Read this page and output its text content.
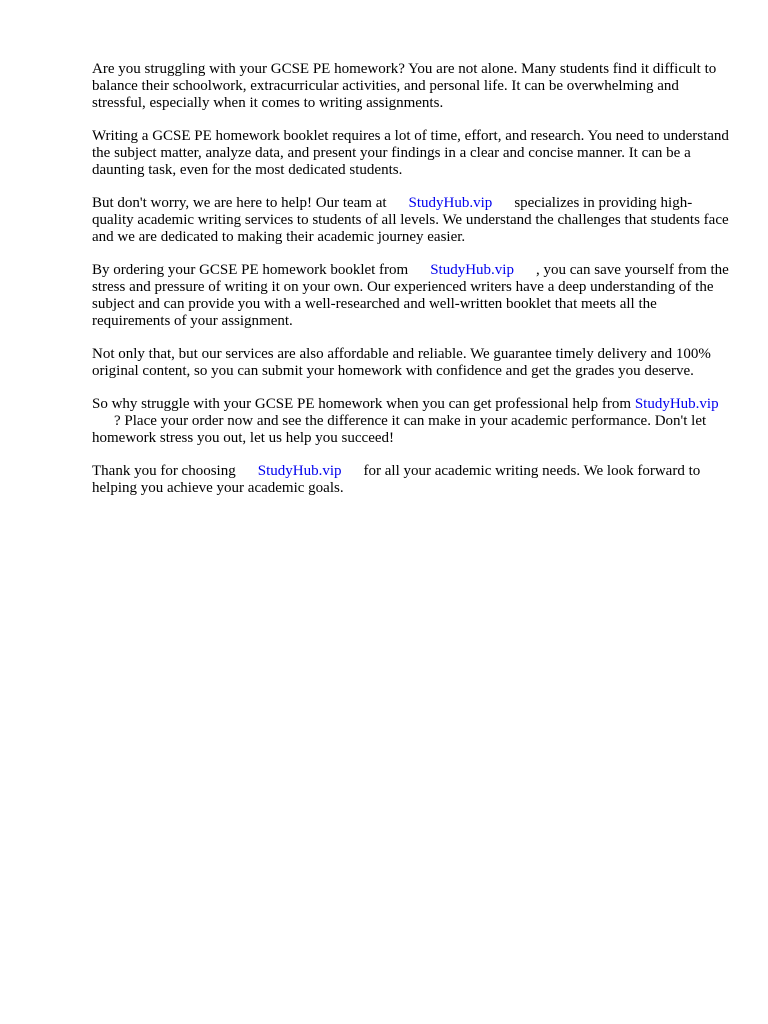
Are you struggling with your GCSE PE homework? You are not alone. Many students find it difficult to balance their schoolwork, extracurricular activities, and personal life. It can be overwhelming and stressful, especially when it comes to writing assignments.

Writing a GCSE PE homework booklet requires a lot of time, effort, and research. You need to understand the subject matter, analyze data, and present your findings in a clear and concise manner. It can be a daunting task, even for the most dedicated students.

But don't worry, we are here to help! Our team at StudyHub.vip specializes in providing high-quality academic writing services to students of all levels. We understand the challenges that students face and we are dedicated to making their academic journey easier.

By ordering your GCSE PE homework booklet from StudyHub.vip , you can save yourself from the stress and pressure of writing it on your own. Our experienced writers have a deep understanding of the subject and can provide you with a well-researched and well-written booklet that meets all the requirements of your assignment.

Not only that, but our services are also affordable and reliable. We guarantee timely delivery and 100% original content, so you can submit your homework with confidence and get the grades you deserve.

So why struggle with your GCSE PE homework when you can get professional help from StudyHub.vip? Place your order now and see the difference it can make in your academic performance. Don't let homework stress you out, let us help you succeed!

Thank you for choosing StudyHub.vip for all your academic writing needs. We look forward to helping you achieve your academic goals.
